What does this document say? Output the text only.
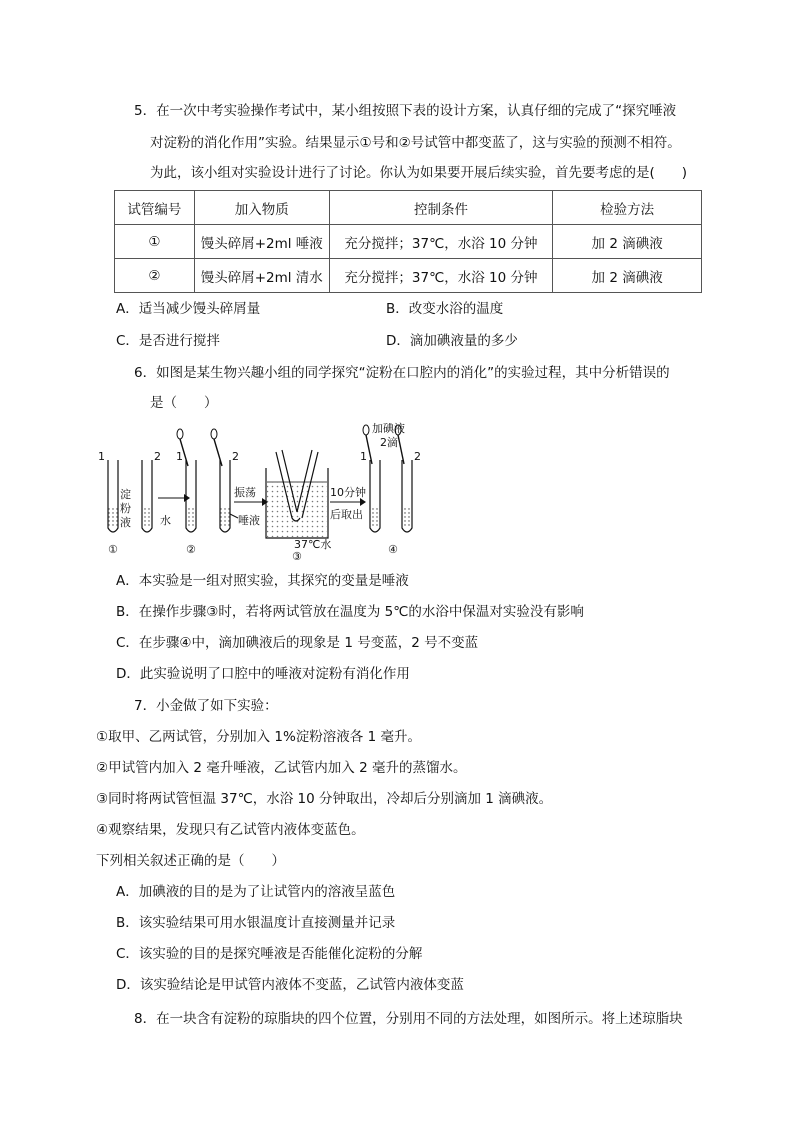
5．在一次中考实验操作考试中，某小组按照下表的设计方案，认真仔细的完成了“探究唾液
对淀粉的消化作用”实验。结果显示①号和②号试管中都变蓝了，这与实验的预测不相符。
为此，该小组对实验设计进行了讨论。你认为如果要开展后续实验，首先要考虑的是(　　)
试管编号	加入物质	控制条件	检验方法
①	馒头碎屑+2ml 唾液	充分搅拌；37℃，水浴 10 分钟	加 2 滴碘液
②	馒头碎屑+2ml 清水	充分搅拌；37℃，水浴 10 分钟	加 2 滴碘液
A．适当减少馒头碎屑量	B．改变水浴的温度
C．是否进行搅拌	D．滴加碘液量的多少
6．如图是某生物兴趣小组的同学探究“淀粉在口腔内的消化”的实验过程，其中分析错误的
是（　　）
1	2
淀
粉
液
①
水
1	2
唾液
②
振荡
37℃水
③
10分钟
后取出
1	2
加碘液
2滴
④
A．本实验是一组对照实验，其探究的变量是唾液
B．在操作步骤③时，若将两试管放在温度为 5℃的水浴中保温对实验没有影响
C．在步骤④中，滴加碘液后的现象是 1 号变蓝，2 号不变蓝
D．此实验说明了口腔中的唾液对淀粉有消化作用
7．小金做了如下实验：
①取甲、乙两试管，分别加入 1%淀粉溶液各 1 毫升。
②甲试管内加入 2 毫升唾液，乙试管内加入 2 毫升的蒸馏水。
③同时将两试管恒温 37℃，水浴 10 分钟取出，冷却后分别滴加 1 滴碘液。
④观察结果，发现只有乙试管内液体变蓝色。
下列相关叙述正确的是（　　）
A．加碘液的目的是为了让试管内的溶液呈蓝色
B．该实验结果可用水银温度计直接测量并记录
C．该实验的目的是探究唾液是否能催化淀粉的分解
D．该实验结论是甲试管内液体不变蓝，乙试管内液体变蓝
8．在一块含有淀粉的琼脂块的四个位置，分别用不同的方法处理，如图所示。将上述琼脂块
